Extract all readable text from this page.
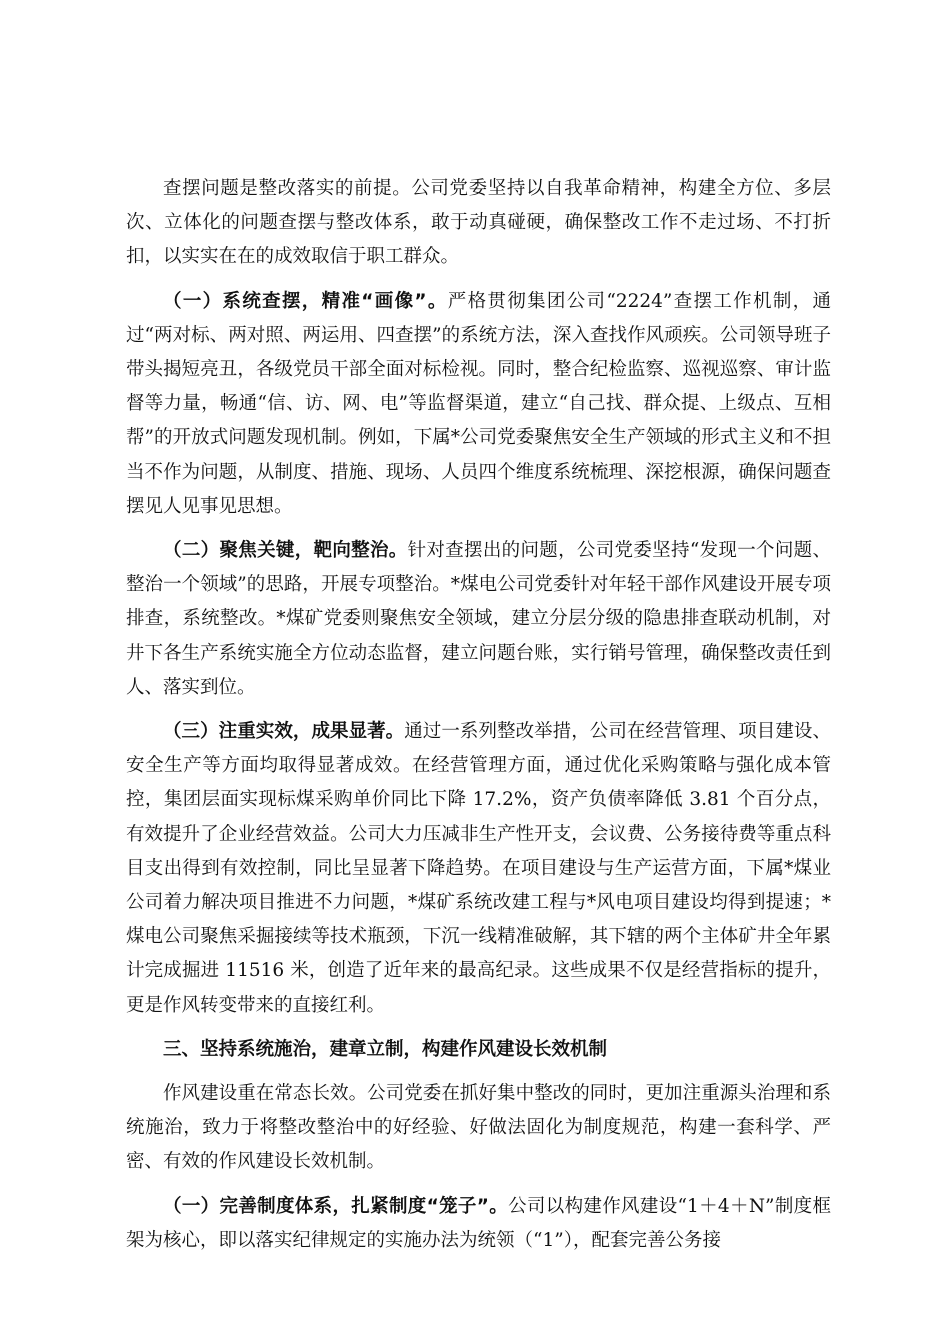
查摆问题是整改落实的前提。公司党委坚持以自我革命精神，构建全方位、多层次、立体化的问题查摆与整改体系，敢于动真碰硬，确保整改工作不走过场、不打折扣，以实实在在的成效取信于职工群众。

（一）系统查摆，精准“画像”。严格贯彻集团公司“2224”查摆工作机制，通过“两对标、两对照、两运用、四查摆”的系统方法，深入查找作风顽疾。公司领导班子带头揭短亮丑，各级党员干部全面对标检视。同时，整合纪检监察、巡视巡察、审计监督等力量，畅通“信、访、网、电”等监督渠道，建立“自己找、群众提、上级点、互相帮”的开放式问题发现机制。例如，下属*公司党委聚焦安全生产领域的形式主义和不担当不作为问题，从制度、措施、现场、人员四个维度系统梳理、深挖根源，确保问题查摆见人见事见思想。

（二）聚焦关键，靶向整治。针对查摆出的问题，公司党委坚持“发现一个问题、整治一个领域”的思路，开展专项整治。*煤电公司党委针对年轻干部作风建设开展专项排查，系统整改。*煤矿党委则聚焦安全领域，建立分层分级的隐患排查联动机制，对井下各生产系统实施全方位动态监督，建立问题台账，实行销号管理，确保整改责任到人、落实到位。

（三）注重实效，成果显著。通过一系列整改举措，公司在经营管理、项目建设、安全生产等方面均取得显著成效。在经营管理方面，通过优化采购策略与强化成本管控，集团层面实现标煤采购单价同比下降 17.2%，资产负债率降低 3.81 个百分点，有效提升了企业经营效益。公司大力压减非生产性开支，会议费、公务接待费等重点科目支出得到有效控制，同比呈显著下降趋势。在项目建设与生产运营方面，下属*煤业公司着力解决项目推进不力问题，*煤矿系统改建工程与*风电项目建设均得到提速；*煤电公司聚焦采掘接续等技术瓶颈，下沉一线精准破解，其下辖的两个主体矿井全年累计完成掘进 11516 米，创造了近年来的最高纪录。这些成果不仅是经营指标的提升，更是作风转变带来的直接红利。

三、坚持系统施治，建章立制，构建作风建设长效机制

作风建设重在常态长效。公司党委在抓好集中整改的同时，更加注重源头治理和系统施治，致力于将整改整治中的好经验、好做法固化为制度规范，构建一套科学、严密、有效的作风建设长效机制。

（一）完善制度体系，扎紧制度“笼子”。公司以构建作风建设“1＋4＋N”制度框架为核心，即以落实纪律规定的实施办法为统领（“1”），配套完善公务接
